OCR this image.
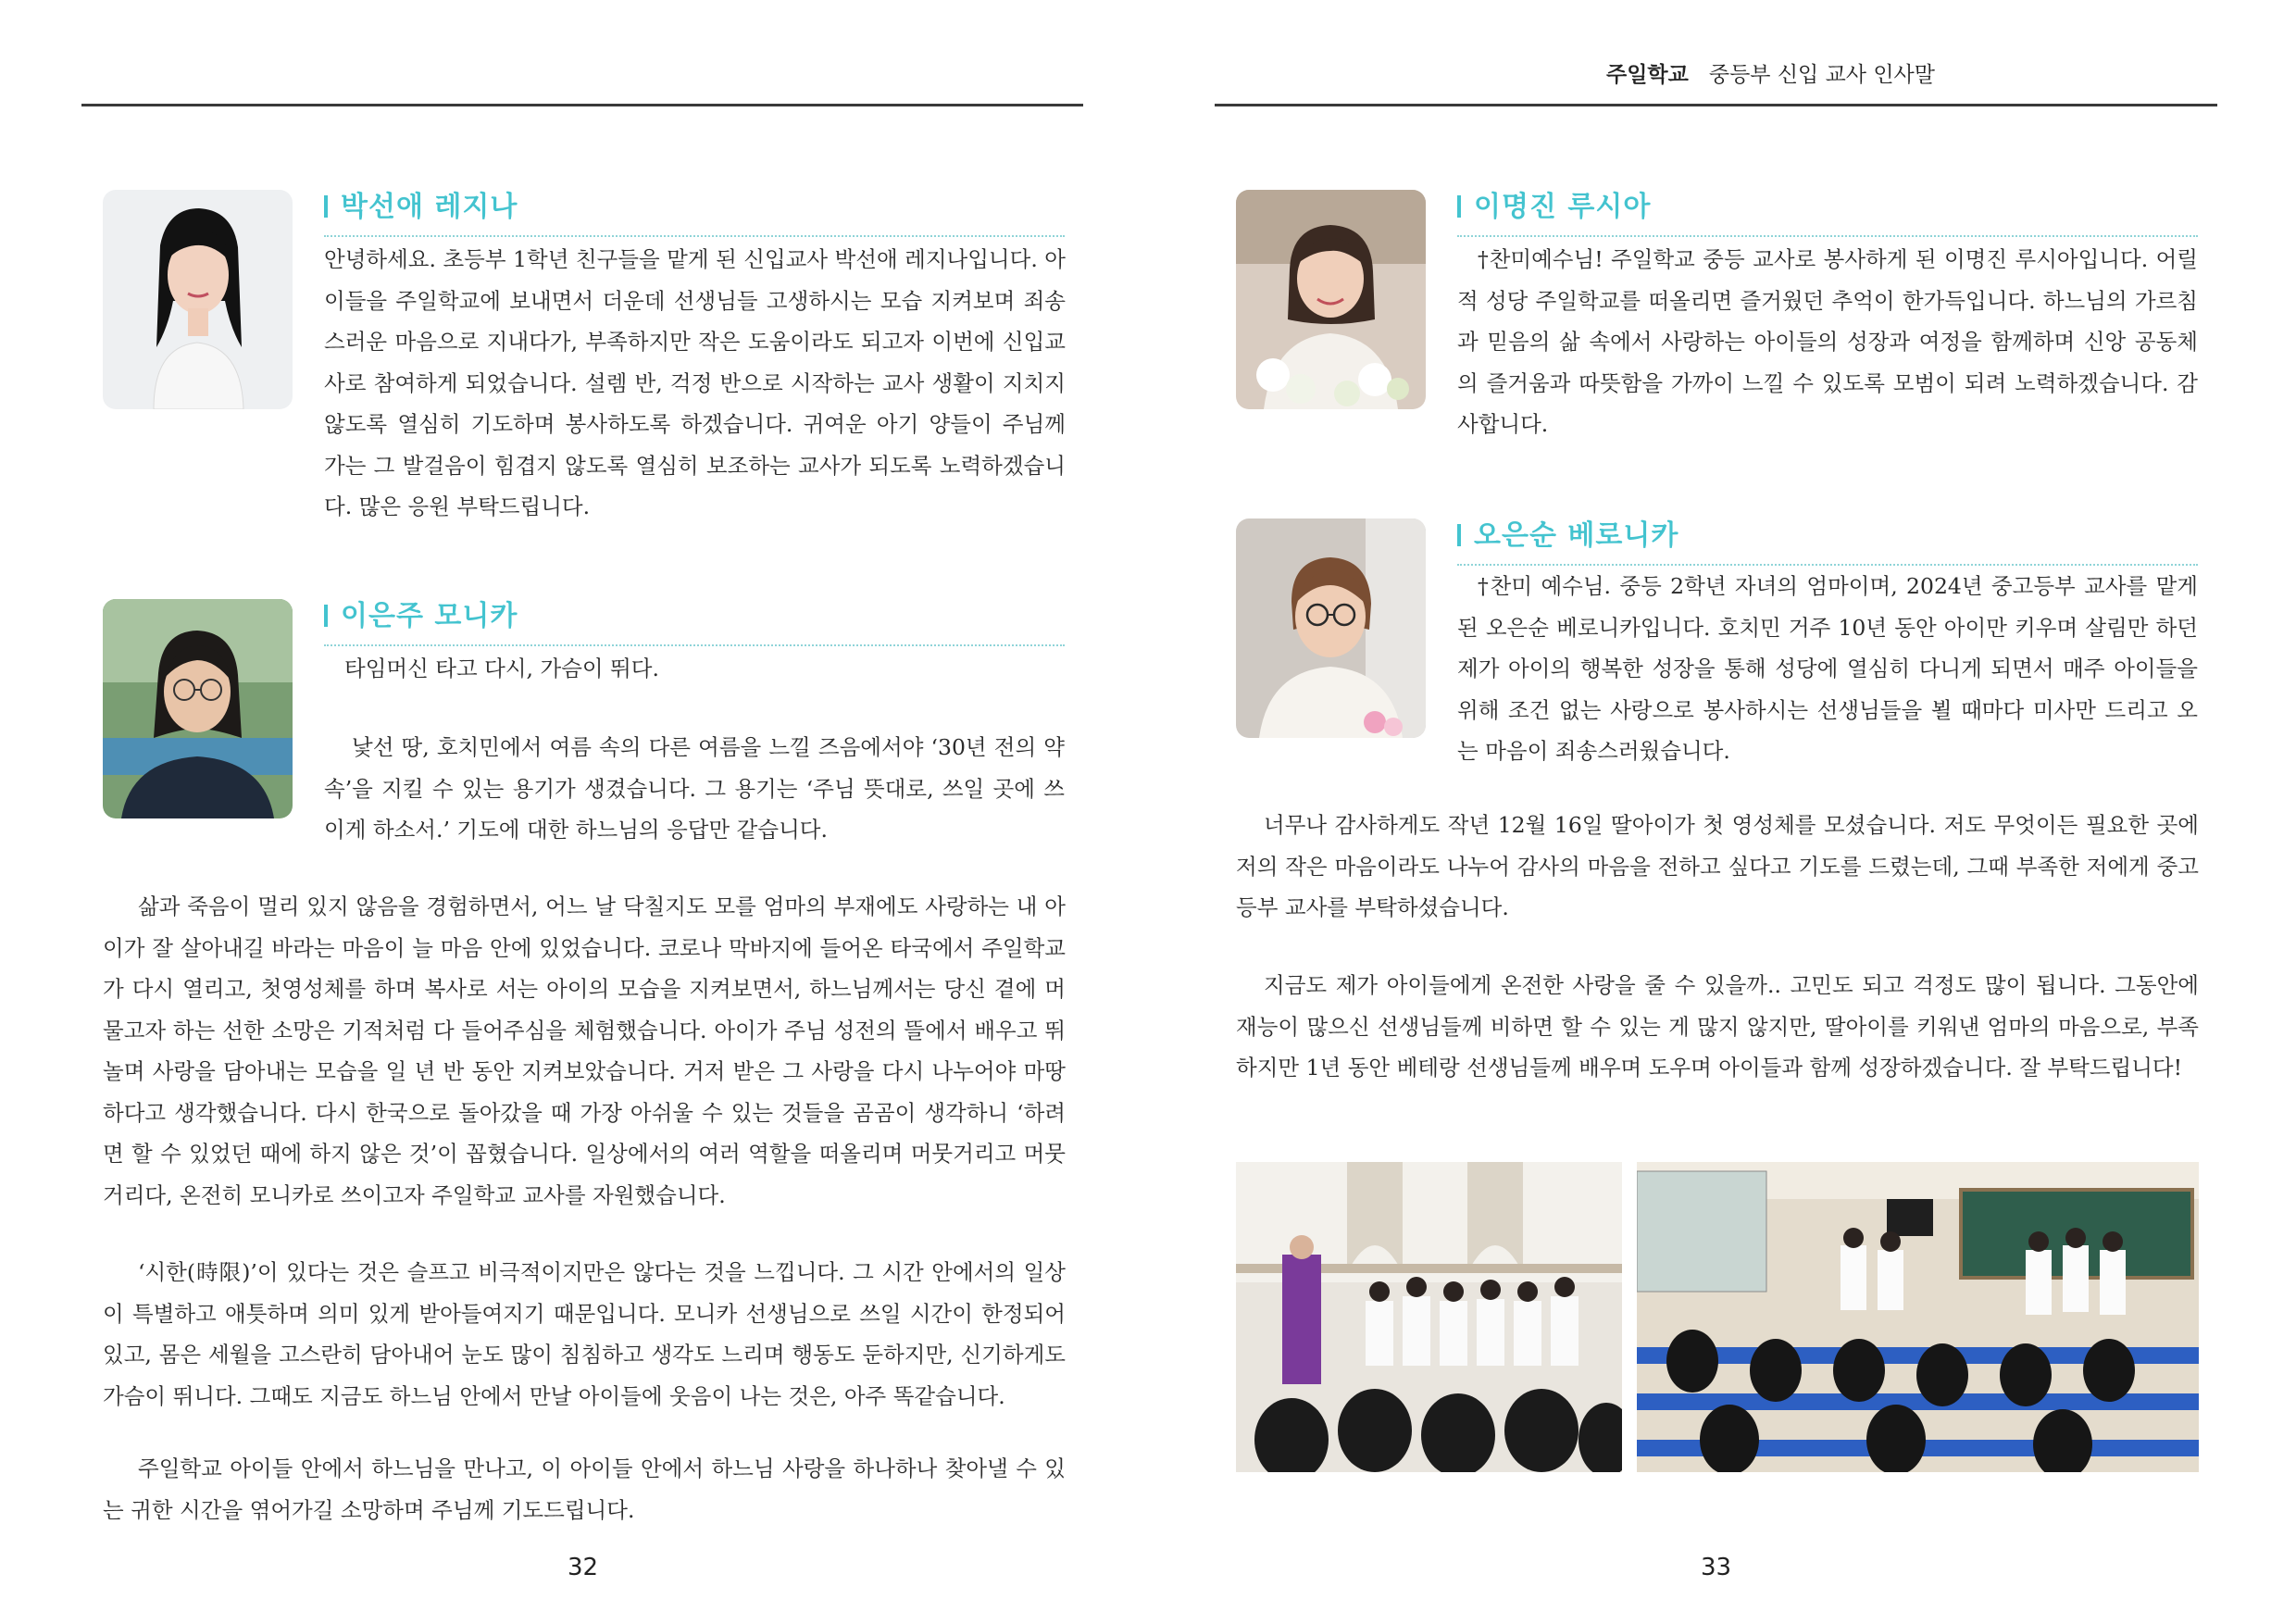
주일학교 중등부 신입 교사 인사말
박선애 레지나

안녕하세요. 초등부 1학년 친구들을 맡게 된 신입교사 박선애 레지나입니다. 아이들을 주일학교에 보내면서 더운데 선생님들 고생하시는 모습 지켜보며 죄송스러운 마음으로 지내다가, 부족하지만 작은 도움이라도 되고자 이번에 신입교사로 참여하게 되었습니다. 설렘 반, 걱정 반으로 시작하는 교사 생활이 지치지 않도록 열심히 기도하며 봉사하도록 하겠습니다. 귀여운 아기 양들이 주님께 가는 그 발걸음이 힘겹지 않도록 열심히 보조하는 교사가 되도록 노력하겠습니다. 많은 응원 부탁드립니다.

이은주 모니카

타임머신 타고 다시, 가슴이 뛰다.

낯선 땅, 호치민에서 여름 속의 다른 여름을 느낄 즈음에서야 ‘30년 전의 약속’을 지킬 수 있는 용기가 생겼습니다. 그 용기는 ‘주님 뜻대로, 쓰일 곳에 쓰이게 하소서.’ 기도에 대한 하느님의 응답만 같습니다.

삶과 죽음이 멀리 있지 않음을 경험하면서, 어느 날 닥칠지도 모를 엄마의 부재에도 사랑하는 내 아이가 잘 살아내길 바라는 마음이 늘 마음 안에 있었습니다. 코로나 막바지에 들어온 타국에서 주일학교가 다시 열리고, 첫영성체를 하며 복사로 서는 아이의 모습을 지켜보면서, 하느님께서는 당신 곁에 머물고자 하는 선한 소망은 기적처럼 다 들어주심을 체험했습니다. 아이가 주님 성전의 뜰에서 배우고 뛰놀며 사랑을 담아내는 모습을 일 년 반 동안 지켜보았습니다. 거저 받은 그 사랑을 다시 나누어야 마땅하다고 생각했습니다. 다시 한국으로 돌아갔을 때 가장 아쉬울 수 있는 것들을 곰곰이 생각하니 ‘하려면 할 수 있었던 때에 하지 않은 것’이 꼽혔습니다. 일상에서의 여러 역할을 떠올리며 머뭇거리고 머뭇거리다, 온전히 모니카로 쓰이고자 주일학교 교사를 자원했습니다.

‘시한(時限)’이 있다는 것은 슬프고 비극적이지만은 않다는 것을 느낍니다. 그 시간 안에서의 일상이 특별하고 애틋하며 의미 있게 받아들여지기 때문입니다. 모니카 선생님으로 쓰일 시간이 한정되어 있고, 몸은 세월을 고스란히 담아내어 눈도 많이 침침하고 생각도 느리며 행동도 둔하지만, 신기하게도 가슴이 뛰니다. 그때도 지금도 하느님 안에서 만날 아이들에 웃음이 나는 것은, 아주 똑같습니다.

주일학교 아이들 안에서 하느님을 만나고, 이 아이들 안에서 하느님 사랑을 하나하나 찾아낼 수 있는 귀한 시간을 엮어가길 소망하며 주님께 기도드립니다.

32
이명진 루시아

†찬미예수님! 주일학교 중등 교사로 봉사하게 된 이명진 루시아입니다. 어릴 적 성당 주일학교를 떠올리면 즐거웠던 추억이 한가득입니다. 하느님의 가르침과 믿음의 삶 속에서 사랑하는 아이들의 성장과 여정을 함께하며 신앙 공동체의 즐거움과 따뜻함을 가까이 느낄 수 있도록 모범이 되려 노력하겠습니다. 감사합니다.

오은순 베로니카

†찬미 예수님. 중등 2학년 자녀의 엄마이며, 2024년 중고등부 교사를 맡게 된 오은순 베로니카입니다. 호치민 거주 10년 동안 아이만 키우며 살림만 하던 제가 아이의 행복한 성장을 통해 성당에 열심히 다니게 되면서 매주 아이들을 위해 조건 없는 사랑으로 봉사하시는 선생님들을 뵐 때마다 미사만 드리고 오는 마음이 죄송스러웠습니다.

너무나 감사하게도 작년 12월 16일 딸아이가 첫 영성체를 모셨습니다. 저도 무엇이든 필요한 곳에 저의 작은 마음이라도 나누어 감사의 마음을 전하고 싶다고 기도를 드렸는데, 그때 부족한 저에게 중고등부 교사를 부탁하셨습니다.

지금도 제가 아이들에게 온전한 사랑을 줄 수 있을까.. 고민도 되고 걱정도 많이 됩니다. 그동안에 재능이 많으신 선생님들께 비하면 할 수 있는 게 많지 않지만, 딸아이를 키워낸 엄마의 마음으로, 부족하지만 1년 동안 베테랑 선생님들께 배우며 도우며 아이들과 함께 성장하겠습니다. 잘 부탁드립니다!

33
